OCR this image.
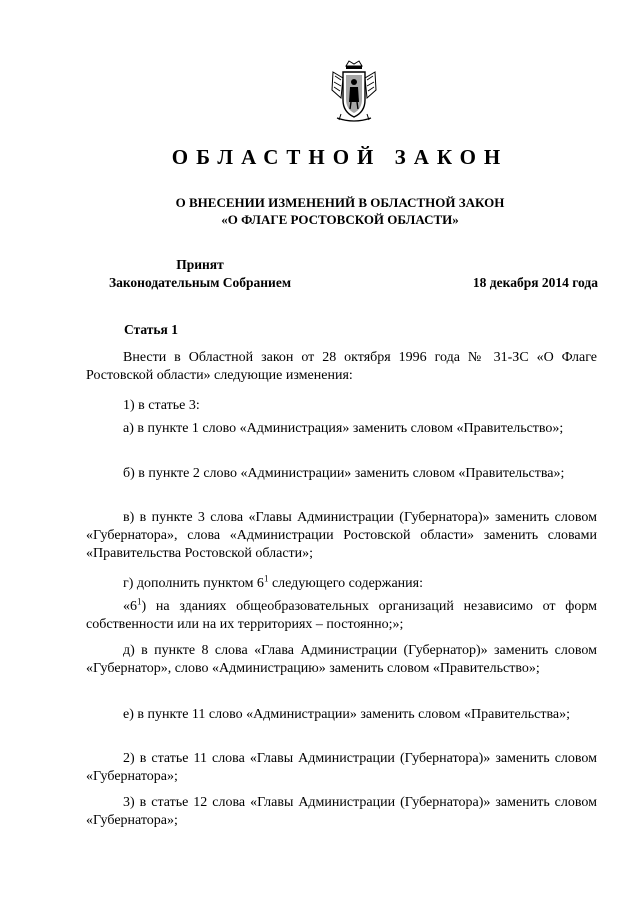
ОБЛАСТНОЙ ЗАКОН
О ВНЕСЕНИИ ИЗМЕНЕНИЙ В ОБЛАСТНОЙ ЗАКОН
«О ФЛАГЕ РОСТОВСКОЙ ОБЛАСТИ»
Принят
Законодательным Собранием	18 декабря 2014 года
Статья 1

Внести в Областной закон от 28 октября 1996 года № 31-ЗС «О Флаге Ростовской области» следующие изменения:

1) в статье 3:

а) в пункте 1 слово «Администрация» заменить словом «Правительство»;

б) в пункте 2 слово «Администрации» заменить словом «Правительства»;

в) в пункте 3 слова «Главы Администрации (Губернатора)» заменить словом «Губернатора», слова «Администрации Ростовской области» заменить словами «Правительства Ростовской области»;

г) дополнить пунктом $6^1$ следующего содержания:

«$6^1$) на зданиях общеобразовательных организаций независимо от форм собственности или на их территориях – постоянно;»;

д) в пункте 8 слова «Глава Администрации (Губернатор)» заменить словом «Губернатор», слово «Администрацию» заменить словом «Правительство»;

е) в пункте 11 слово «Администрации» заменить словом «Правительства»;

2) в статье 11 слова «Главы Администрации (Губернатора)» заменить словом «Губернатора»;

3) в статье 12 слова «Главы Администрации (Губернатора)» заменить словом «Губернатора»;
